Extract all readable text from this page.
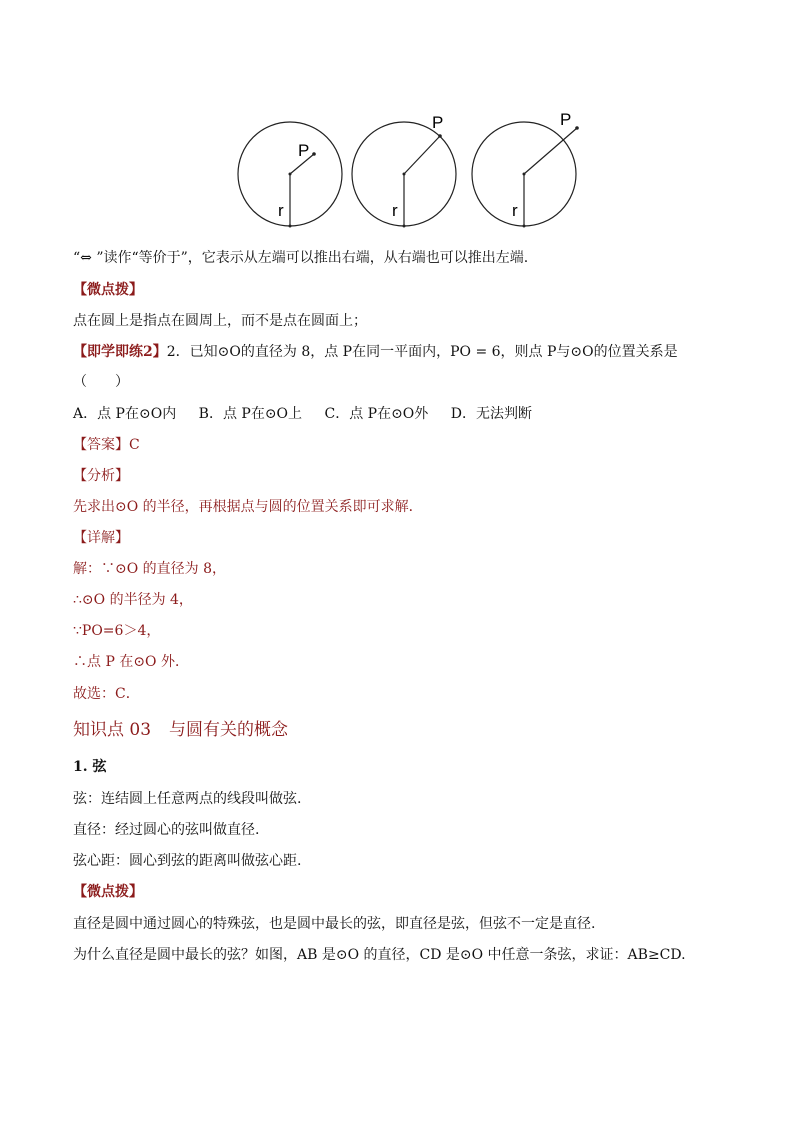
P
r
P
r
P
r
“⇔ ”读作“等价于”，它表示从左端可以推出右端，从右端也可以推出左端.
【微点拨】
点在圆上是指点在圆周上，而不是点在圆面上；
【即学即练2】2．已知⊙O的直径为 8，点 P在同一平面内，PO = 6，则点 P与⊙O的位置关系是
（　　）
A．点 P在⊙O内 B．点 P在⊙O上 C．点 P在⊙O外 D．无法判断
【答案】C
【分析】
先求出⊙O 的半径，再根据点与圆的位置关系即可求解．
【详解】
解：∵⊙O 的直径为 8，
∴⊙O 的半径为 4，
∵PO=6＞4，
∴点 P 在⊙O 外．
故选：C．
知识点 03 与圆有关的概念
1. 弦
弦：连结圆上任意两点的线段叫做弦.
直径：经过圆心的弦叫做直径.
弦心距：圆心到弦的距离叫做弦心距.
【微点拨】
直径是圆中通过圆心的特殊弦，也是圆中最长的弦，即直径是弦，但弦不一定是直径.
为什么直径是圆中最长的弦？如图，AB 是⊙O 的直径，CD 是⊙O 中任意一条弦，求证：AB≥CD.
